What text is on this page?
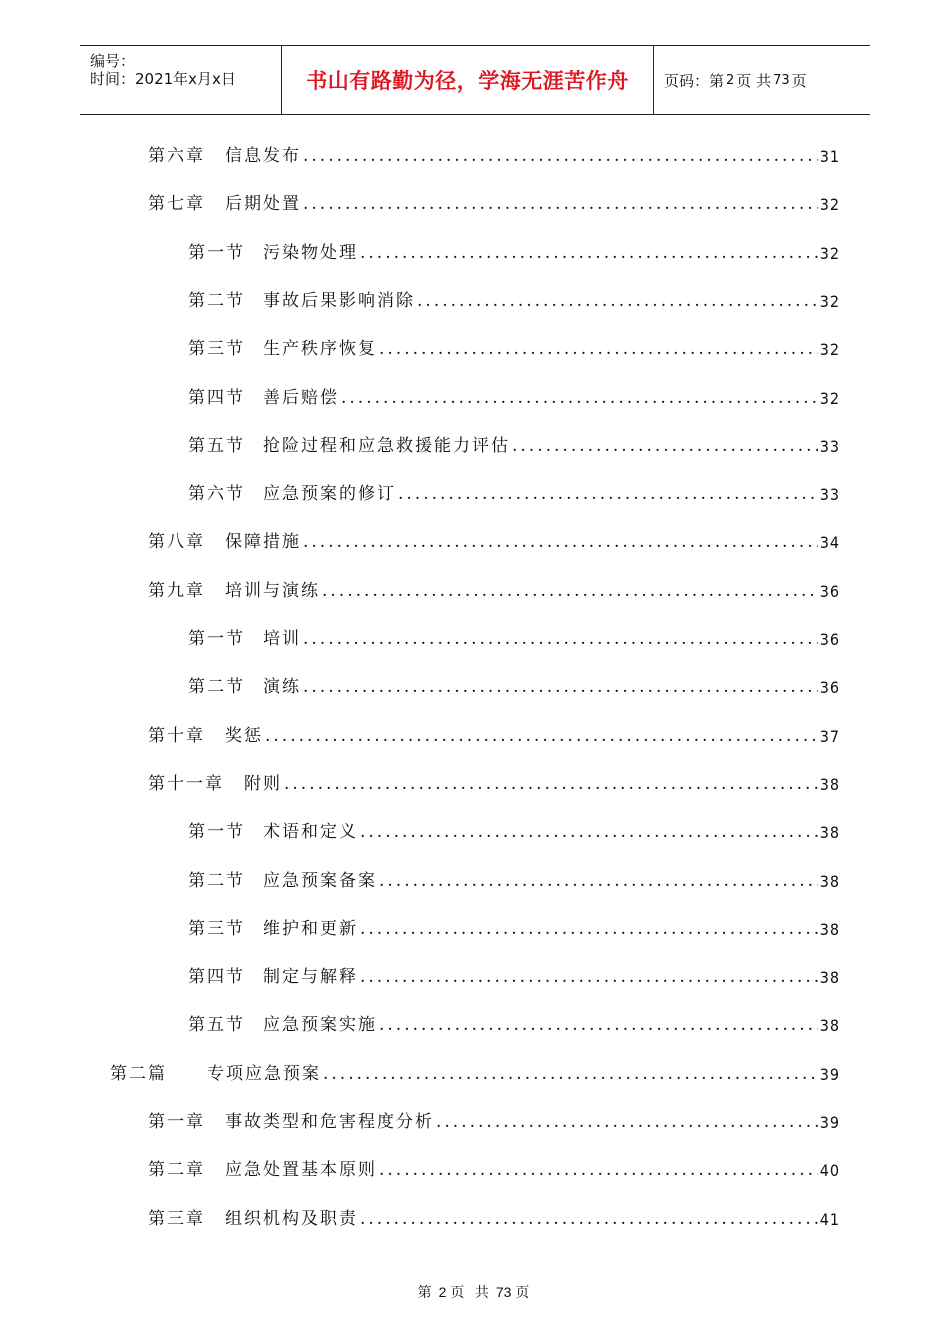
编号：
时间：2021年x月x日	书山有路勤为径，学海无涯苦作舟	页码：第 2 页 共 73 页
第六章 信息发布 .....	31
第七章 后期处置 .....	32
第一节 污染物处理 .....	32
第二节 事故后果影响消除 .....	32
第三节 生产秩序恢复 .....	32
第四节 善后赔偿 .....	32
第五节 抢险过程和应急救援能力评估 .....	33
第六节 应急预案的修订 .....	33
第八章 保障措施 .....	34
第九章 培训与演练 .....	36
第一节 培训 .....	36
第二节 演练 .....	36
第十章 奖惩 .....	37
第十一章 附则 .....	38
第一节 术语和定义 .....	38
第二节 应急预案备案 .....	38
第三节 维护和更新 .....	38
第四节 制定与解释 .....	38
第五节 应急预案实施 .....	38
第二篇 专项应急预案 .....	39
第一章 事故类型和危害程度分析 .....	39
第二章 应急处置基本原则 .....	40
第三章 组织机构及职责 .....	41
第 2 页 共 73 页
